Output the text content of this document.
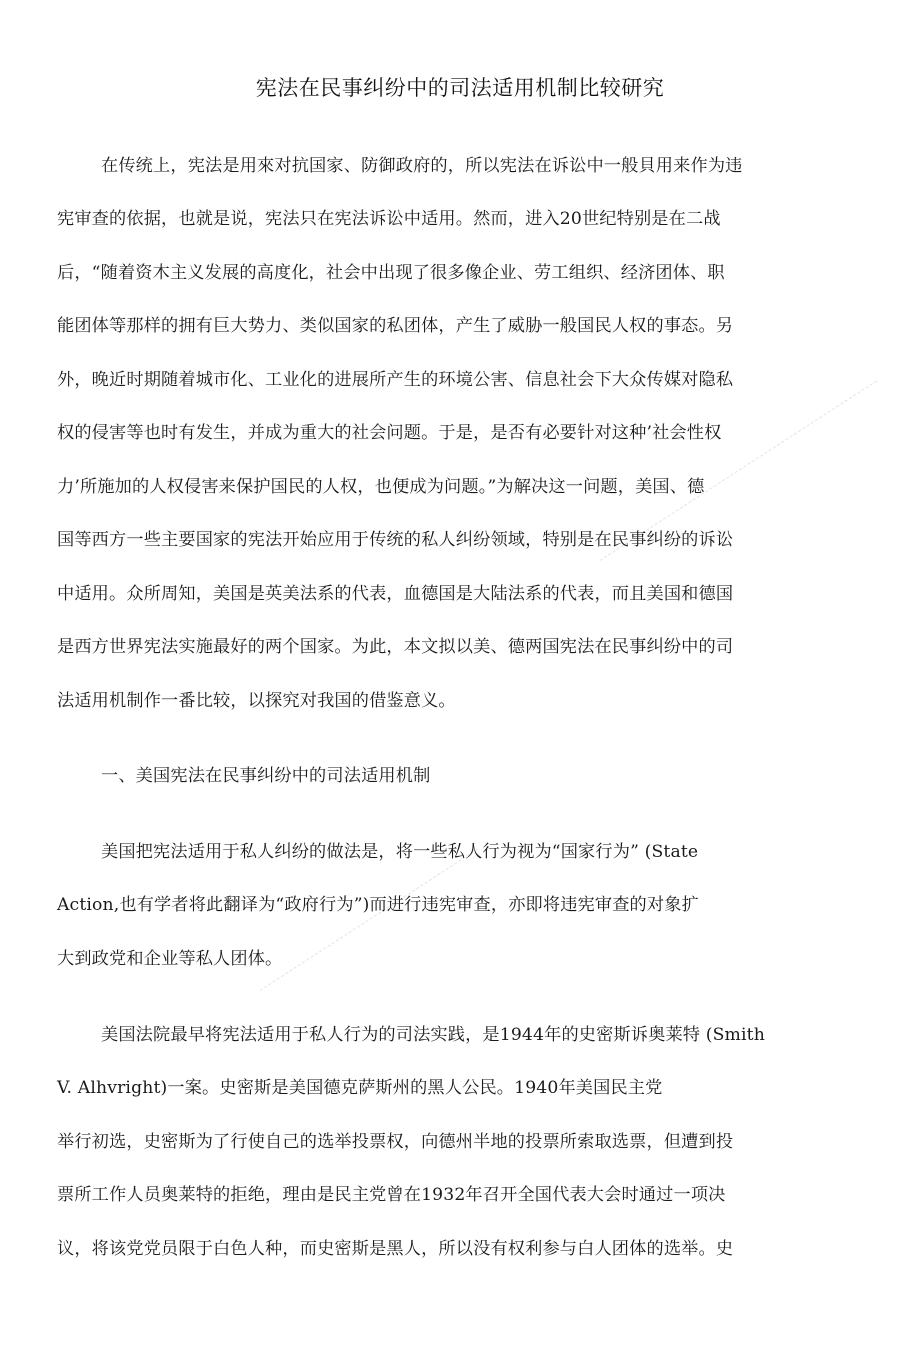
宪法在民事纠纷中的司法适用机制比较研究
在传统上，宪法是用來对抗国家、防御政府的，所以宪法在诉讼中一般貝用来作为违
宪审查的依据，也就是说，宪法只在宪法诉讼中适用。然而，进入20世纪特别是在二战
后，“随着资木主义发展的高度化，社会中出现了很多像企业、劳工组织、经济团体、职
能团体等那样的拥有巨大势力、类似国家的私团体，产生了威胁一般国民人权的事态。另
外，晚近时期随着城市化、工业化的进展所产生的环境公害、信息社会下大众传媒对隐私
权的侵害等也时有发生，并成为重大的社会问题。于是，是否有必要针对这种’社会性权
力’所施加的人权侵害来保护国民的人权，也便成为问题。”为解决这一问题，美国、德
国等西方一些主要国家的宪法开始应用于传统的私人纠纷领域，特别是在民事纠纷的诉讼
中适用。众所周知，美国是英美法系的代表，血德国是大陆法系的代表，而且美国和德国
是西方世界宪法实施最好的两个国家。为此，本文拟以美、德两国宪法在民事纠纷中的司
法适用机制作一番比较，以探究对我国的借鉴意义。
一、美国宪法在民事纠纷中的司法适用机制
美国把宪法适用于私人纠纷的做法是，将一些私人行为视为“国家行为” (State
Action,也有学者将此翻译为“政府行为”)而进行违宪审查，亦即将违宪审查的对象扩
大到政党和企业等私人团体。
美国法院最早将宪法适用于私人行为的司法实践，是1944年的史密斯诉奥莱特 (Smith
V. Alhvright)一案。史密斯是美国德克萨斯州的黑人公民。1940年美国民主党
举行初选，史密斯为了行使自己的选举投票权，向德州半地的投票所索取选票，但遭到投
票所工作人员奥莱特的拒绝，理由是民主党曾在1932年召开全国代表大会时通过一项决
议，将该党党员限于白色人种，而史密斯是黑人，所以没有权利参与白人团体的选举。史
